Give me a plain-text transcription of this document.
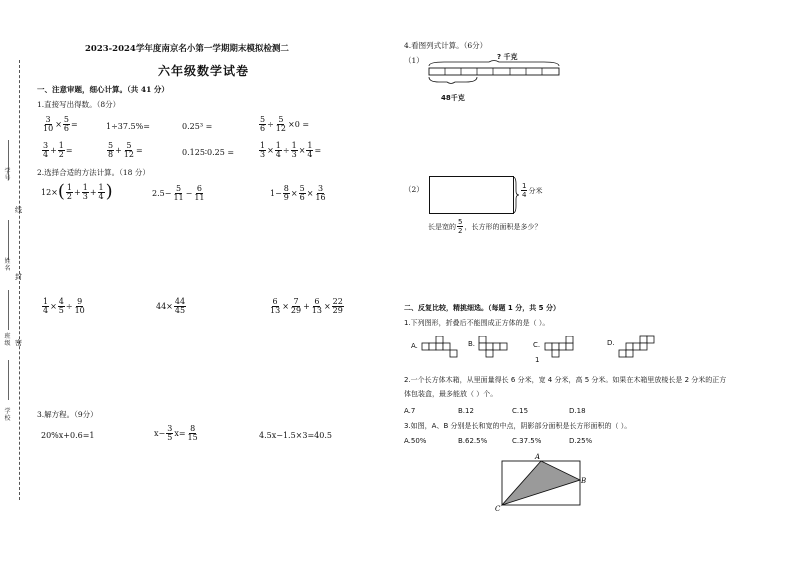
学号
姓名
班级
学校
线
封
密
2023-2024学年度南京名小第一学期期末模拟检测二
六年级数学试卷
一、注意审题，细心计算。（共 41 分）
1.直接写出得数。（8分）
$\frac{3}{10} \times \frac{5}{6}$ =	1÷37.5%=	0.25³ =	$\frac{5}{6} \div \frac{5}{12} \times 0$ =
$\frac{3}{4} + \frac{1}{2}$ =	$\frac{5}{8} + \frac{5}{12}$ =	0.125∶0.25 =	$\frac{1}{3} \times \frac{1}{4} \div \frac{1}{3} \times \frac{1}{4}$ =
2.选择合适的方法计算。（18 分）
12× ( $\frac{1}{2} + \frac{1}{3} + \frac{1}{4}$ )	$2.5- \frac{5}{11} - \frac{6}{11}$	$1- \frac{8}{9} \times \frac{5}{6} \times \frac{3}{16}$
$\frac{1}{4} \times \frac{4}{5} \div \frac{9}{10}$	$44\times \frac{44}{45}$	$\frac{6}{13} \times \frac{7}{29} + \frac{6}{13} \times \frac{22}{29}$
3.解方程。（9分）
20%x+0.6=1	$x- \frac{3}{5} x= \frac{8}{15}$	4.5x−1.5×3=40.5
4.看图列式计算。（6分）
（1）	? 千克
48千克
（2）	$\frac{1}{4}$ 分米
长是宽的 $\frac{5}{2}$ ，长方形的面积是多少？
二、反复比较，精挑细选。（每题 1 分，共 5 分）
1.下列图形，折叠后不能围成正方体的是（ ）。
A.	B.	C.
1
D.
2.一个长方体木箱，从里面量得长 6 分米，宽 4 分米，高 5 分米。如果在木箱里放棱长是 2 分米的正方
体包装盒，最多能放（ ）个。
A.7	B.12	C.15	D.18
3.如图，A、B 分别是长和宽的中点，阴影部分面积是长方形面积的（ ）。
A.50%	B.62.5%	C.37.5%	D.25%
A
B
C
